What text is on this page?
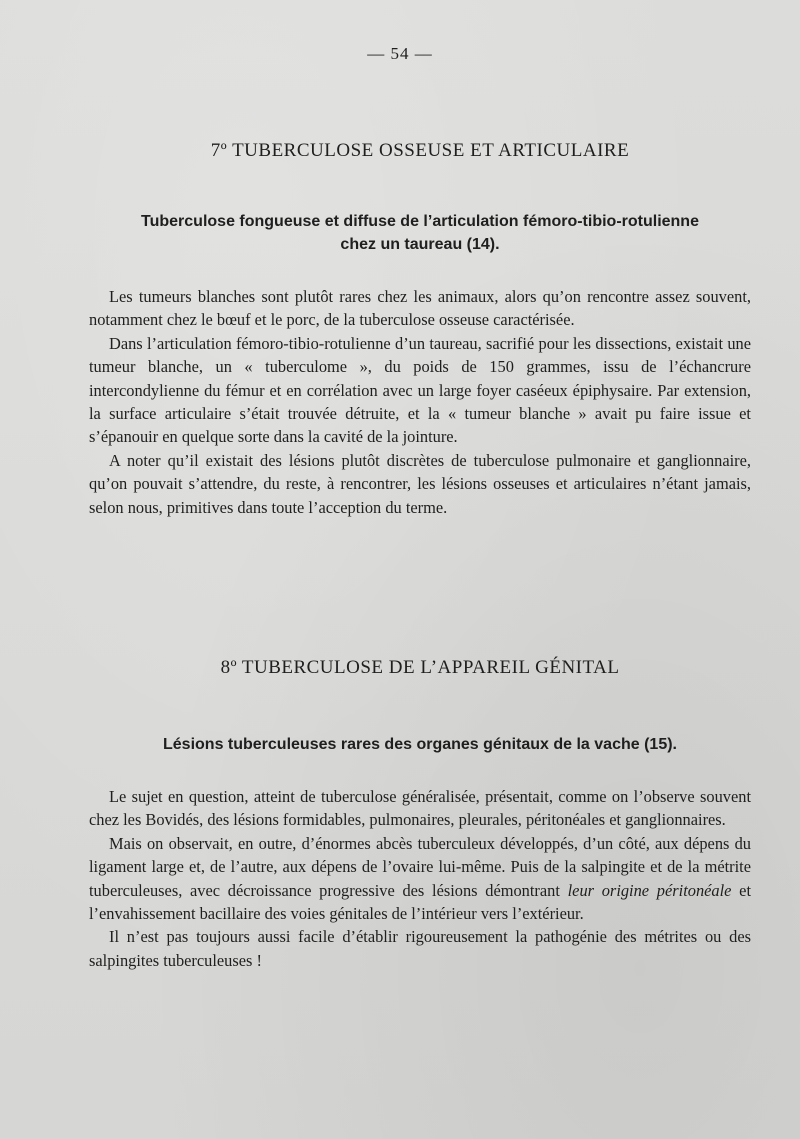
— 54 —
7º TUBERCULOSE OSSEUSE ET ARTICULAIRE
Tuberculose fongueuse et diffuse de l’articulation fémoro-tibio-rotulienne
chez un taureau (14).

Les tumeurs blanches sont plutôt rares chez les animaux, alors qu’on rencontre assez souvent, notamment chez le bœuf et le porc, de la tuberculose osseuse caractérisée.

Dans l’articulation fémoro-tibio-rotulienne d’un taureau, sacrifié pour les dissections, existait une tumeur blanche, un « tuberculome », du poids de 150 grammes, issu de l’échancrure intercondylienne du fémur et en corrélation avec un large foyer caséeux épiphysaire. Par extension, la surface articulaire s’était trouvée détruite, et la « tumeur blanche » avait pu faire issue et s’épanouir en quelque sorte dans la cavité de la jointure.

A noter qu’il existait des lésions plutôt discrètes de tuberculose pulmonaire et ganglionnaire, qu’on pouvait s’attendre, du reste, à rencontrer, les lésions osseuses et articulaires n’étant jamais, selon nous, primitives dans toute l’acception du terme.

8º TUBERCULOSE DE L’APPAREIL GÉNITAL
Lésions tuberculeuses rares des organes génitaux de la vache (15).

Le sujet en question, atteint de tuberculose généralisée, présentait, comme on l’observe souvent chez les Bovidés, des lésions formidables, pulmonaires, pleurales, péritonéales et ganglionnaires.

Mais on observait, en outre, d’énormes abcès tuberculeux développés, d’un côté, aux dépens du ligament large et, de l’autre, aux dépens de l’ovaire lui-même. Puis de la salpingite et de la métrite tuberculeuses, avec décroissance progressive des lésions démontrant leur origine péritonéale et l’envahissement bacillaire des voies génitales de l’intérieur vers l’extérieur.

Il n’est pas toujours aussi facile d’établir rigoureusement la pathogénie des métrites ou des salpingites tuberculeuses !
